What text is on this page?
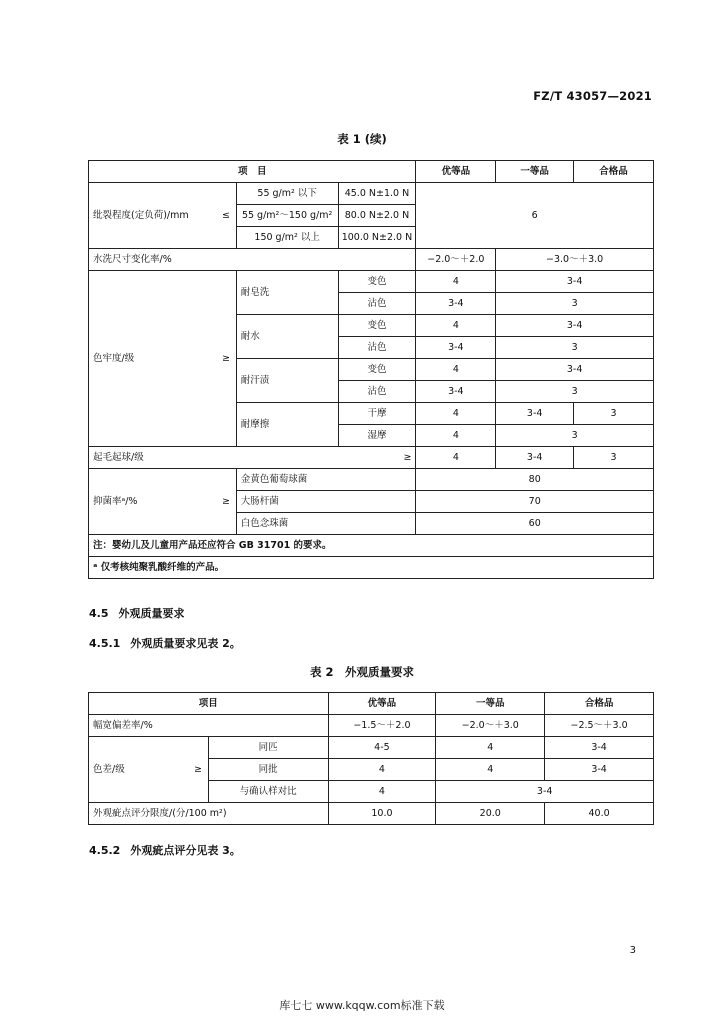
FZ/T 43057—2021
表 1 (续)
项　目				优等品	一等品	合格品
纰裂程度(定负荷)/mm	≤	55 g/m² 以下	45.0 N±1.0 N	6		
		55 g/m²～150 g/m²	80.0 N±2.0 N			
		150 g/m² 以上	100.0 N±2.0 N			
水洗尺寸变化率/%				−2.0～＋2.0	−3.0～＋3.0	
色牢度/级	≥	耐皂洗	变色	4	3-4	
			沾色	3-4	3	
		耐水	变色	4	3-4	
			沾色	3-4	3	
		耐汗渍	变色	4	3-4	
			沾色	3-4	3	
		耐摩擦	干摩	4	3-4	3
			湿摩	4	3	
起毛起球/级			≥	4	3-4	3
抑菌率ᵃ/%	≥	金黄色葡萄球菌		80		
		大肠杆菌		70		
		白色念珠菌		60		
注：婴幼儿及儿童用产品还应符合 GB 31701 的要求。						
ᵃ 仅考核纯聚乳酸纤维的产品。						
4.5 外观质量要求
4.5.1 外观质量要求见表 2。
表 2　外观质量要求
项目			优等品	一等品	合格品
幅宽偏差率/%			−1.5～＋2.0	−2.0～＋3.0	−2.5～＋3.0
色差/级	≥	同匹	4-5	4	3-4
		同批	4	4	3-4
		与确认样对比	4	3-4	
外观疵点评分限度/(分/100 m²)			10.0	20.0	40.0
4.5.2 外观疵点评分见表 3。
3
库七七 www.kqqw.com标准下载
